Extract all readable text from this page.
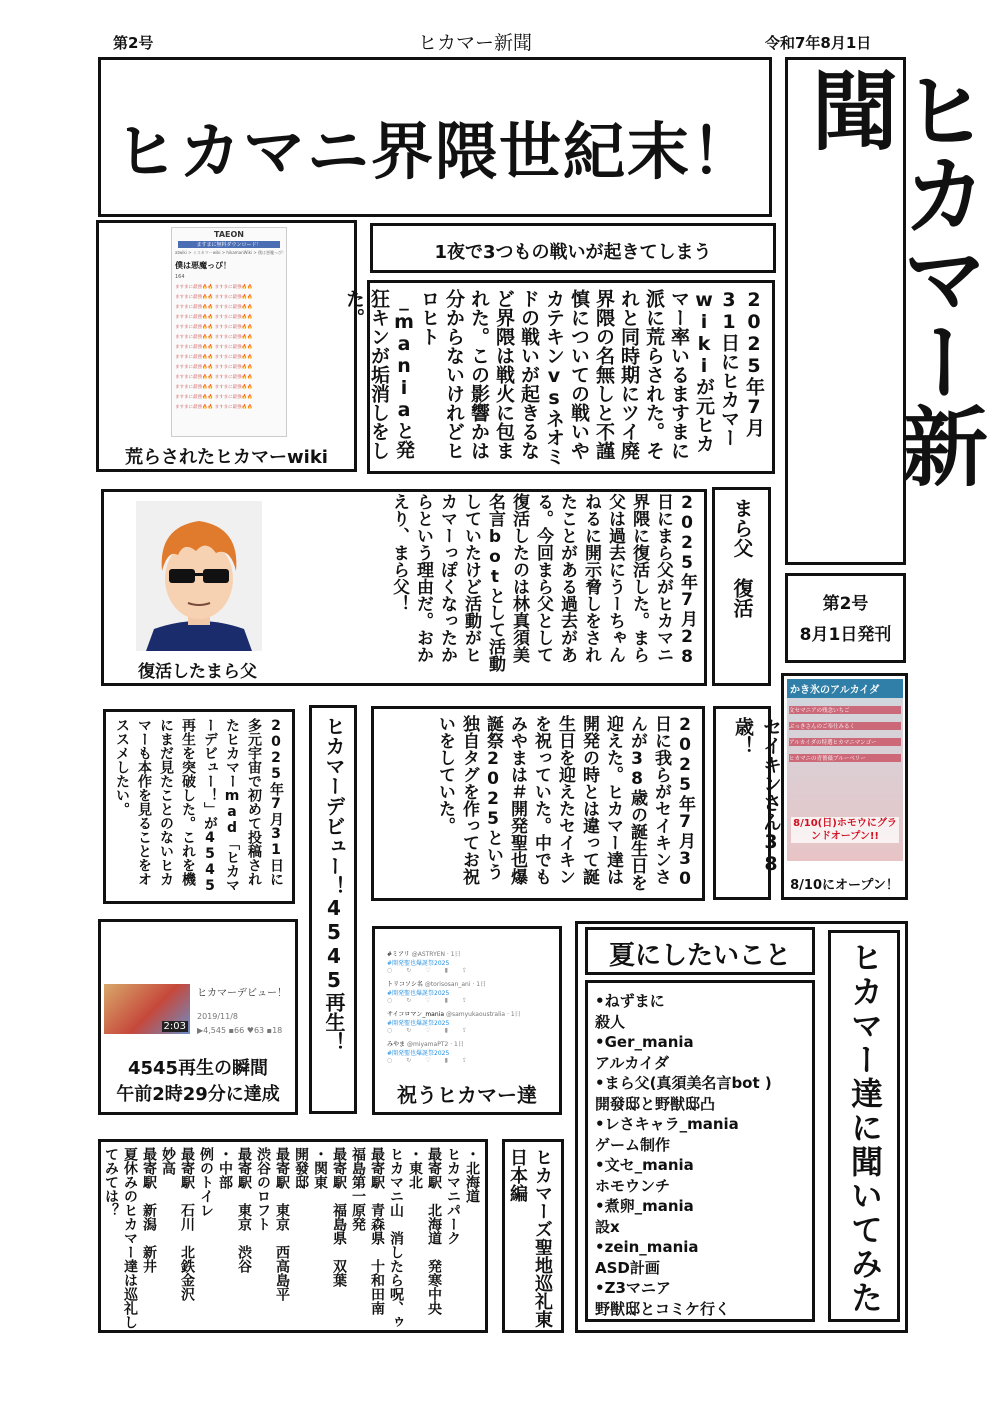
第2号	ヒカマー新聞	令和7年8月1日
ヒカマニ界隈世紀末！	ヒカマー新聞
第2号
8月1日発刊
TAEON
ますまに無料ダウンロード！
atwiki > ミスカマーwiki > hikamanWiki > 僕は悪魔っぴ！
僕は悪魔っぴ！
164
ますまに最強🔥🔥 ますまに最強🔥🔥
ますまに最強🔥🔥 ますまに最強🔥🔥
ますまに最強🔥🔥 ますまに最強🔥🔥
ますまに最強🔥🔥 ますまに最強🔥🔥
ますまに最強🔥🔥 ますまに最強🔥🔥
ますまに最強🔥🔥 ますまに最強🔥🔥
ますまに最強🔥🔥 ますまに最強🔥🔥
ますまに最強🔥🔥 ますまに最強🔥🔥
ますまに最強🔥🔥 ますまに最強🔥🔥
ますまに最強🔥🔥 ますまに最強🔥🔥
ますまに最強🔥🔥 ますまに最強🔥🔥
ますまに最強🔥🔥 ますまに最強🔥🔥
ますまに最強🔥🔥 ますまに最強🔥🔥
荒らされたヒカマーwiki
1夜で3つもの戦いが起きてしまう
2025年7月31日にヒカマーwikiが元ヒカマー率いるますまに派に荒らされた。それと同時期にツイ廃界隈の名無しと不謹慎についての戦いやカテキンvsネオミドの戦いが起きるなど界隈は戦火に包まれた。この影響かは分からないけれどヒロヒト_maniaと発狂キンが垢消しをした。
復活したまら父
2025年7月28日にまら父がヒカマニ界隈に復活した。まら父は過去にうーちゃんねるに開示脅しをされたことがある過去がある。今回まら父として復活したのは林真須美名言botとして活動していたけど活動がヒカマーっぽくなったからという理由だ。おかえり、まら父！	まら父　復活
かき氷のアルカイダ
文セマニアの残念いちご
ぶっきさんのご奉仕みるく
アルカイダの特選ヒカマニマンゴー
ヒカマニの青薔薇ブルーベリー
8/10(日)ホモウにグランドオープン!!
8/10にオープン！
セイキンさん38歳！
2025年7月30日に我らがセイキンさんが38歳の誕生日を迎えた。ヒカマー達は開発の時とは違って誕生日を迎えたセイキンを祝っていた。中でもみやまは＃開発聖也爆誕祭2025という独自タグを作ってお祝いをしていた。
2025年7月31日に多元宇宙で初めて投稿されたヒカマーmad「ヒカマーデビュー！」が4545再生を突破した。これを機にまだ見たことのないヒカマーも本作を見ることをオススメしたい。	ヒカマーデビュー！4545再生！
2:03
ヒカマーデビュー！
2019/11/8
▶4,545 ▪66 ♥63 ▪18
4545再生の瞬間
午前2時29分に達成
#ミアリ @ASTRYEN · 1日
#開発聖也爆誕祭2025
○↻♡▮⇪
トリコソシ名 @torisosan_ani · 1日
#開発聖也爆誕祭2025
○↻♡▮⇪
サイコロマン_mania @samyukaoustralia · 1日
#開発聖也爆誕祭2025
○↻♡▮⇪
みやま @miyamaPT2 · 1日
#開発聖也爆誕祭2025
○↻♡▮⇪
祝うヒカマー達
・北海道
ヒカマニパーク
最寄駅　北海道　発寒中央
・東北
ヒカマニ山　消したら呪、ゥ
最寄駅　青森県　十和田南
福島第一原発
最寄駅　福島県　双葉
・関東
開發邸
最寄駅　東京　西高島平
渋谷のロフト
最寄駅　東京　渋谷
・中部
例のトイレ
最寄駅　石川　北鉄金沢
妙高
最寄駅　新潟　新井
夏休みのヒカマー達は巡礼してみては？	ヒカマーズ聖地巡礼東日本編
夏にしたいこと
•ねずまに
殺人
•Ger_mania
アルカイダ
•まら父(真須美名言bot )
開發邸と野獣邸凸
•レさキャラ_mania
ゲーム制作
•文セ_mania
ホモウンチ
•煮卵_mania
設x
•zein_mania
ASD計画
•Z3マニア
野獣邸とコミケ行く	ヒカマー達に聞いてみた
